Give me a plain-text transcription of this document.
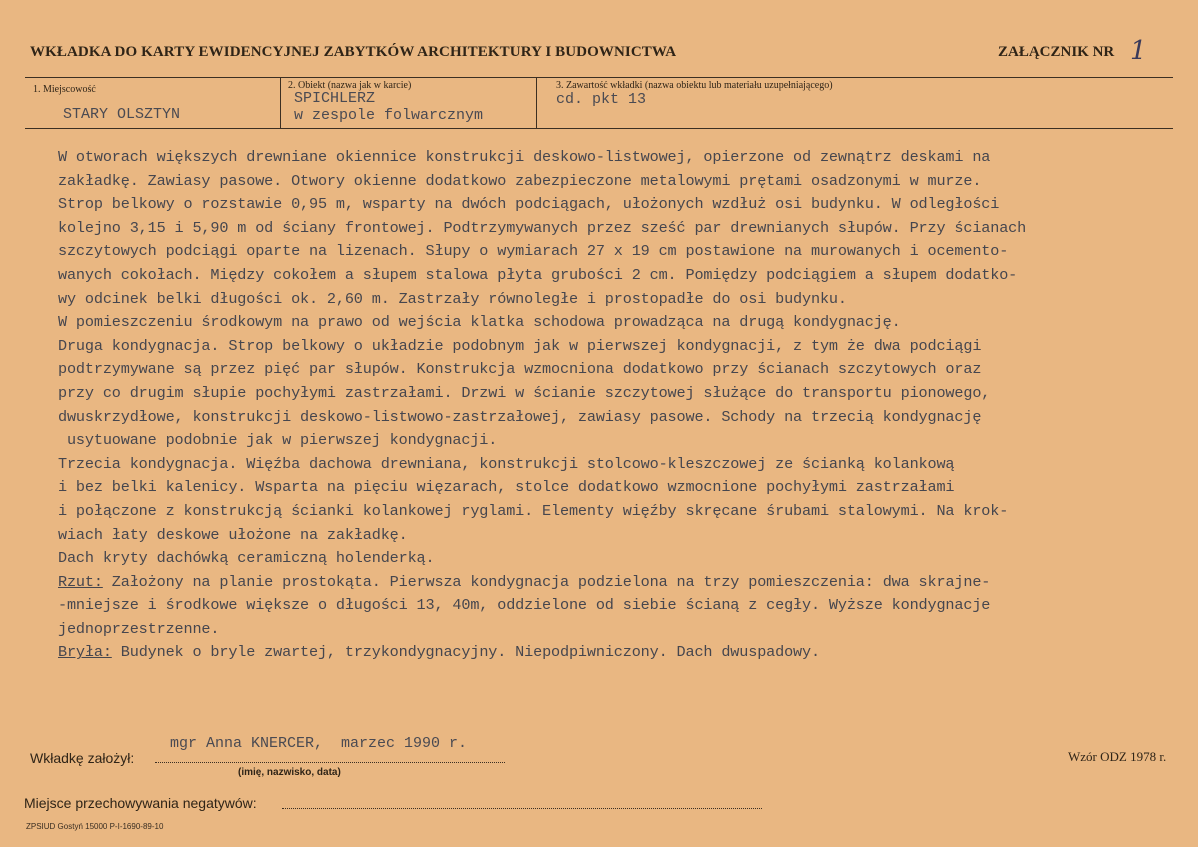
WKŁADKA DO KARTY EWIDENCYJNEJ ZABYTKÓW ARCHITEKTURY I BUDOWNICTWA	ZAŁĄCZNIK NR 1
1. Miejscowość
STARY OLSZTYN
2. Obiekt (nazwa jak w karcie)
SPICHLERZ
w zespole folwarcznym
3. Zawartość wkładki (nazwa obiektu lub materiału uzupełniającego)
cd. pkt 13
W otworach większych drewniane okiennice konstrukcji deskowo-listwowej, opierzone od zewnątrz deskami na
zakładkę. Zawiasy pasowe. Otwory okienne dodatkowo zabezpieczone metalowymi prętami osadzonymi w murze.
Strop belkowy o rozstawie 0,95 m, wsparty na dwóch podciągach, ułożonych wzdłuż osi budynku. W odległości
kolejno 3,15 i 5,90 m od ściany frontowej. Podtrzymywanych przez sześć par drewnianych słupów. Przy ścianach
szczytowych podciągi oparte na lizenach. Słupy o wymiarach 27 x 19 cm postawione na murowanych i ocemento-
wanych cokołach. Między cokołem a słupem stalowa płyta grubości 2 cm. Pomiędzy podciągiem a słupem dodatko-
wy odcinek belki długości ok. 2,60 m. Zastrzały równoległe i prostopadłe do osi budynku.
W pomieszczeniu środkowym na prawo od wejścia klatka schodowa prowadząca na drugą kondygnację.
Druga kondygnacja. Strop belkowy o układzie podobnym jak w pierwszej kondygnacji, z tym że dwa podciągi
podtrzymywane są przez pięć par słupów. Konstrukcja wzmocniona dodatkowo przy ścianach szczytowych oraz
przy co drugim słupie pochyłymi zastrzałami. Drzwi w ścianie szczytowej służące do transportu pionowego,
dwuskrzydłowe, konstrukcji deskowo-listwowo-zastrzałowej, zawiasy pasowe. Schody na trzecią kondygnację
usytuowane podobnie jak w pierwszej kondygnacji.
Trzecia kondygnacja. Więźba dachowa drewniana, konstrukcji stolcowo-kleszczowej ze ścianką kolankową
i bez belki kalenicy. Wsparta na pięciu więzarach, stolce dodatkowo wzmocnione pochyłymi zastrzałami
i połączone z konstrukcją ścianki kolankowej ryglami. Elementy więźby skręcane śrubami stalowymi. Na krok-
wiach łaty deskowe ułożone na zakładkę.
Dach kryty dachówką ceramiczną holenderką.
Rzut: Założony na planie prostokąta. Pierwsza kondygnacja podzielona na trzy pomieszczenia: dwa skrajne-
-mniejsze i środkowe większe o długości 13, 40m, oddzielone od siebie ścianą z cegły. Wyższe kondygnacje
jednoprzestrzenne.
Bryła: Budynek o bryle zwartej, trzykondygnacyjny. Niepodpiwniczony. Dach dwuspadowy.
Wkładkę założył:
mgr Anna KNERCER,  marzec 1990 r.
(imię, nazwisko, data)
Wzór ODZ 1978 r.
Miejsce przechowywania negatywów:
ZPSIUD Gostyń 15000 P-I-1690-89-10
